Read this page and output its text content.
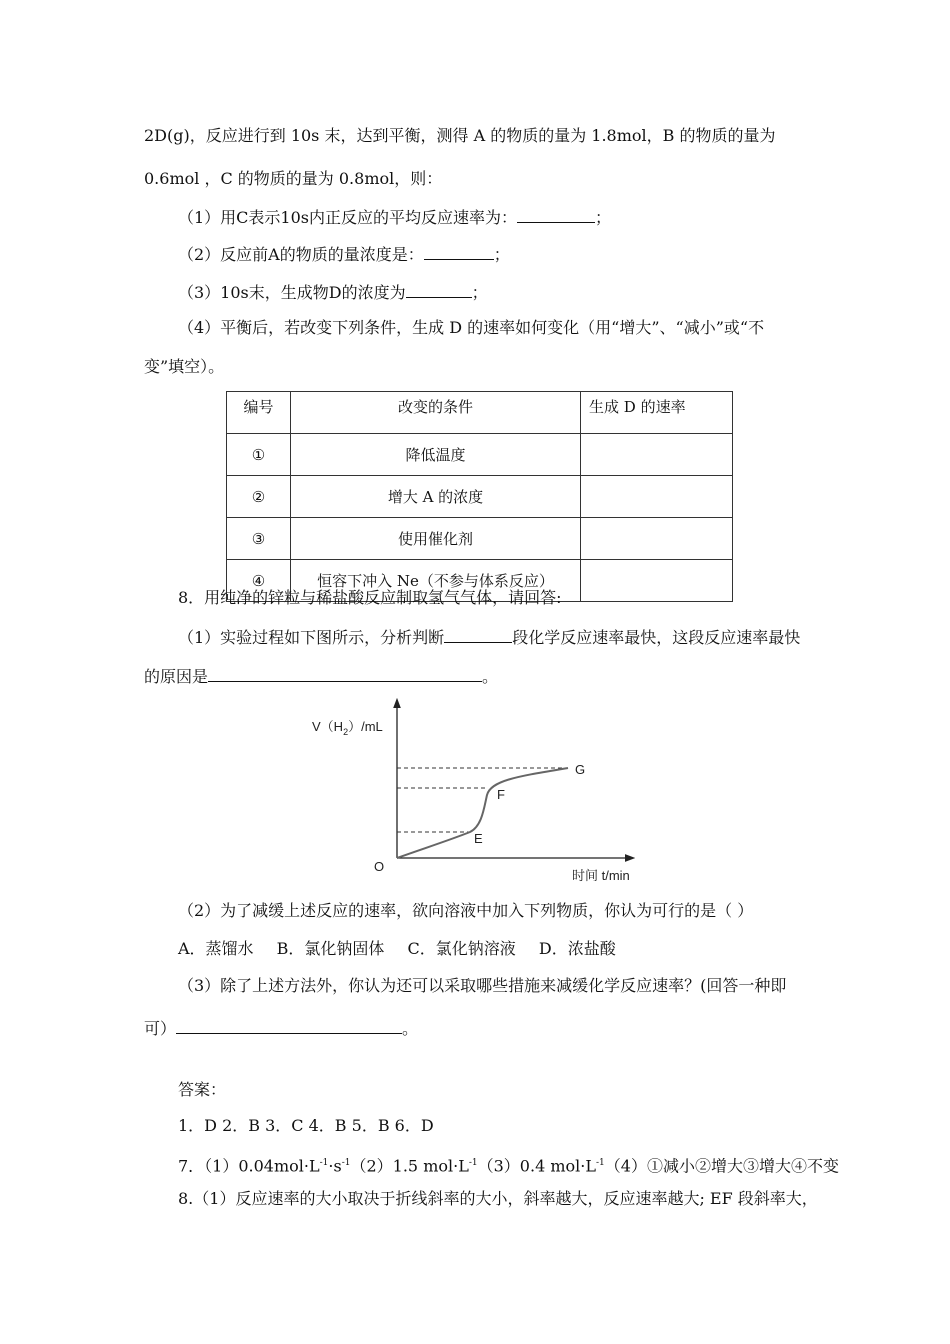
2D(g)，反应进行到 10s 末，达到平衡，测得 A 的物质的量为 1.8mol，B 的物质的量为
0.6mol ，C 的物质的量为 0.8mol，则：
（1）用C表示10s内正反应的平均反应速率为：	；
（2）反应前A的物质的量浓度是：	；
（3）10s末，生成物D的浓度为	；
（4）平衡后，若改变下列条件，生成 D 的速率如何变化（用“增大”、“减小”或“不
变”填空）。
编号	改变的条件	生成 D 的速率
①	降低温度	
②	增大 A 的浓度	
③	使用催化剂	
④	恒容下冲入 Ne（不参与体系反应）	
8．用纯净的锌粒与稀盐酸反应制取氢气气体，请回答:
（1）实验过程如下图所示，分析判断	段化学反应速率最快，这段反应速率最快
的原因是	。
$V(H_2)/mL$
O
E
F
G
时间 t/min
（2）为了减缓上述反应的速率，欲向溶液中加入下列物质，你认为可行的是（ ）
A．蒸馏水 B．氯化钠固体 C．氯化钠溶液 D．浓盐酸
（3）除了上述方法外，你认为还可以采取哪些措施来减缓化学反应速率？(回答一种即
可）	。
答案：
1．D 2．B 3．C 4．B 5．B 6．D
7．$(1)0.04mol\cdot L^{-1}\cdot s^{-1}(2)1.5$ $mol\cdot L^{-1}(3)0.4$ $mol\cdot L^{-1}(4)①$减小②增大③增大④不变
8.（1）反应速率的大小取决于折线斜率的大小，斜率越大，反应速率越大; EF 段斜率大，
